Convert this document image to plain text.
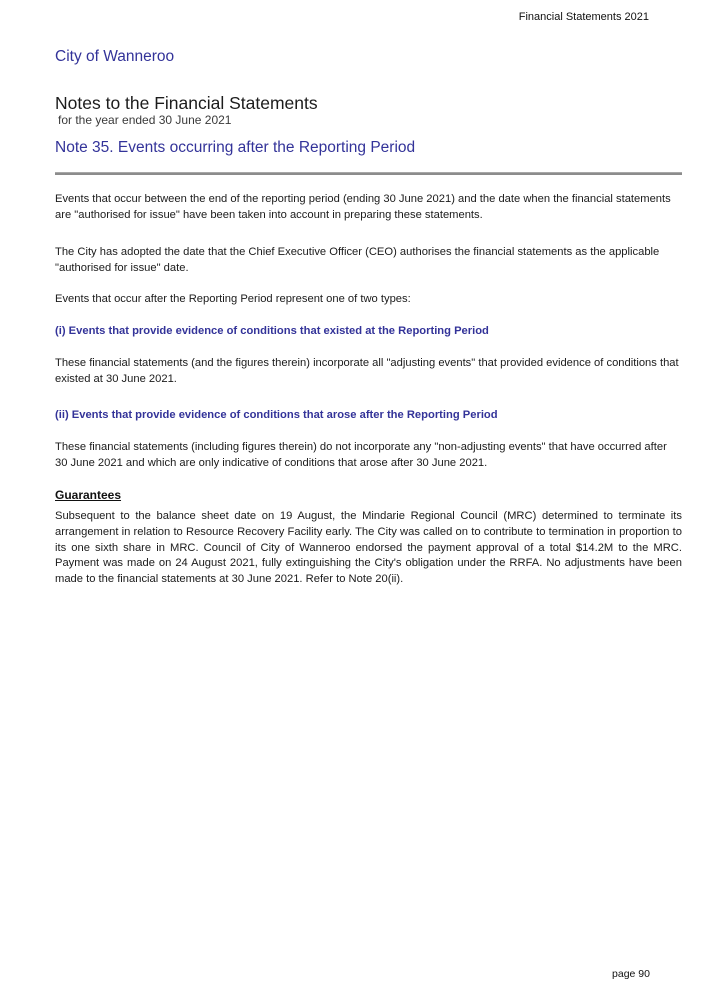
Financial Statements 2021
City of Wanneroo
Notes to the Financial Statements
for the year ended 30 June 2021
Note 35. Events occurring after the Reporting Period
Events that occur between the end of the reporting period (ending 30 June 2021) and the date when the financial statements are "authorised for issue" have been taken into account in preparing these statements.
The City has adopted the date that the Chief Executive Officer (CEO) authorises the financial statements as the applicable "authorised for issue" date.
Events that occur after the Reporting Period represent one of two types:
(i) Events that provide evidence of conditions that existed at the Reporting Period
These financial statements (and the figures therein) incorporate all "adjusting events" that provided evidence of conditions that existed at 30 June 2021.
(ii) Events that provide evidence of conditions that arose after the Reporting Period
These financial statements (including figures therein) do not incorporate any "non-adjusting events" that have occurred after 30 June 2021 and which are only indicative of conditions that arose after 30 June 2021.
Guarantees
Subsequent to the balance sheet date on 19 August, the Mindarie Regional Council (MRC) determined to terminate its arrangement in relation to Resource Recovery Facility early. The City was called on to contribute to termination in proportion to its one sixth share in MRC. Council of City of Wanneroo endorsed the payment approval of a total $14.2M to the MRC. Payment was made on 24 August 2021, fully extinguishing the City's obligation under the RRFA. No adjustments have been made to the financial statements at 30 June 2021. Refer to Note 20(ii).
page 90
